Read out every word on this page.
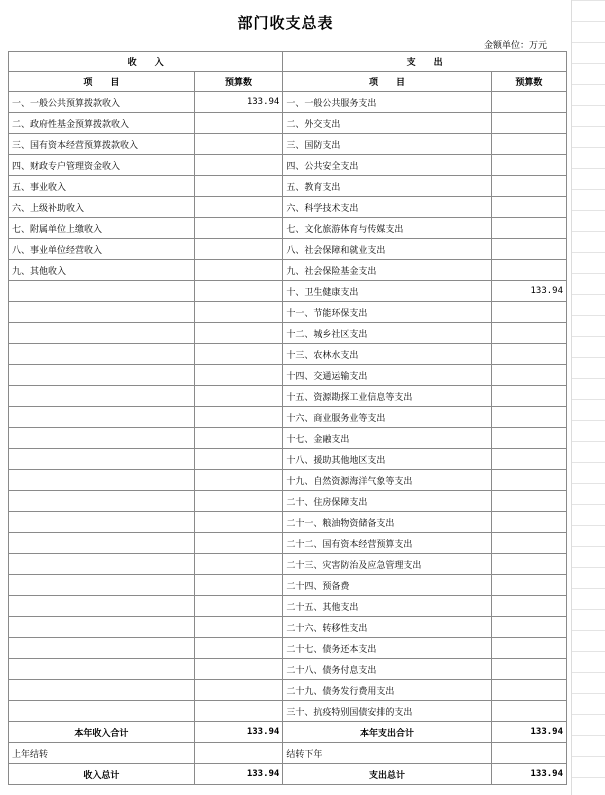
部门收支总表
金额单位：万元
收　　入		支　　出	
项　　目	预算数	项　　目	预算数
一、一般公共预算拨款收入	133.94	一、一般公共服务支出	
二、政府性基金预算拨款收入		二、外交支出	
三、国有资本经营预算拨款收入		三、国防支出	
四、财政专户管理资金收入		四、公共安全支出	
五、事业收入		五、教育支出	
六、上级补助收入		六、科学技术支出	
七、附属单位上缴收入		七、文化旅游体育与传媒支出	
八、事业单位经营收入		八、社会保障和就业支出	
九、其他收入		九、社会保险基金支出	
		十、卫生健康支出	133.94
		十一、节能环保支出	
		十二、城乡社区支出	
		十三、农林水支出	
		十四、交通运输支出	
		十五、资源勘探工业信息等支出	
		十六、商业服务业等支出	
		十七、金融支出	
		十八、援助其他地区支出	
		十九、自然资源海洋气象等支出	
		二十、住房保障支出	
		二十一、粮油物资储备支出	
		二十二、国有资本经营预算支出	
		二十三、灾害防治及应急管理支出	
		二十四、预备费	
		二十五、其他支出	
		二十六、转移性支出	
		二十七、债务还本支出	
		二十八、债务付息支出	
		二十九、债务发行费用支出	
		三十、抗疫特别国债安排的支出	
本年收入合计	133.94	本年支出合计	133.94
上年结转		结转下年	
收入总计	133.94	支出总计	133.94
